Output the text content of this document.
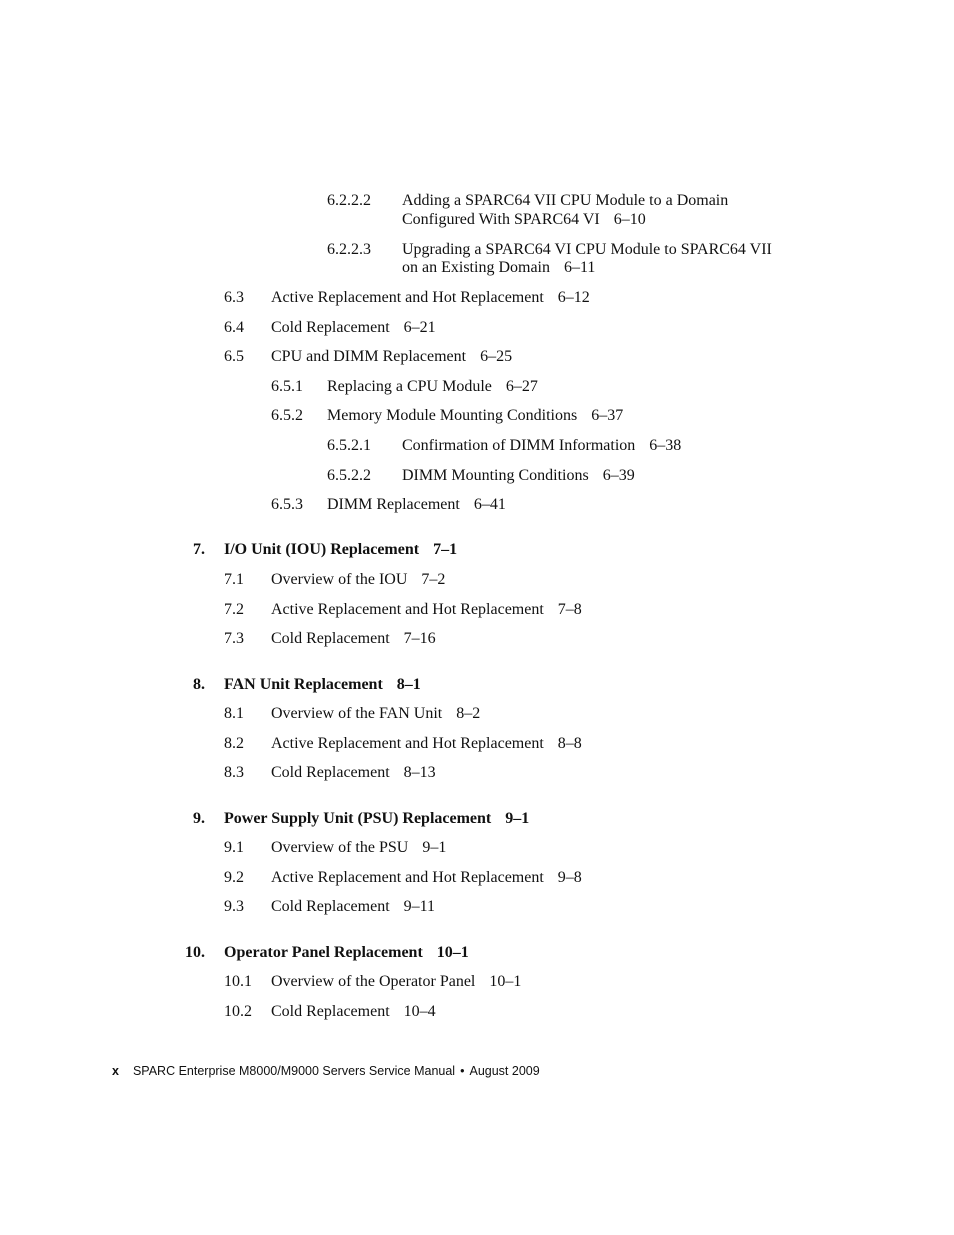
6.2.2.2 Adding a SPARC64 VII CPU Module to a Domain
Configured With SPARC64 VI 6–10
6.2.2.3 Upgrading a SPARC64 VI CPU Module to SPARC64 VII
on an Existing Domain 6–11
6.3 Active Replacement and Hot Replacement 6–12
6.4 Cold Replacement 6–21
6.5 CPU and DIMM Replacement 6–25
6.5.1 Replacing a CPU Module 6–27
6.5.2 Memory Module Mounting Conditions 6–37
6.5.2.1 Confirmation of DIMM Information 6–38
6.5.2.2 DIMM Mounting Conditions 6–39
6.5.3 DIMM Replacement 6–41
7. I/O Unit (IOU) Replacement 7–1
7.1 Overview of the IOU 7–2
7.2 Active Replacement and Hot Replacement 7–8
7.3 Cold Replacement 7–16
8. FAN Unit Replacement 8–1
8.1 Overview of the FAN Unit 8–2
8.2 Active Replacement and Hot Replacement 8–8
8.3 Cold Replacement 8–13
9. Power Supply Unit (PSU) Replacement 9–1
9.1 Overview of the PSU 9–1
9.2 Active Replacement and Hot Replacement 9–8
9.3 Cold Replacement 9–11
10. Operator Panel Replacement 10–1
10.1 Overview of the Operator Panel 10–1
10.2 Cold Replacement 10–4
x SPARC Enterprise M8000/M9000 Servers Service Manual • August 2009
